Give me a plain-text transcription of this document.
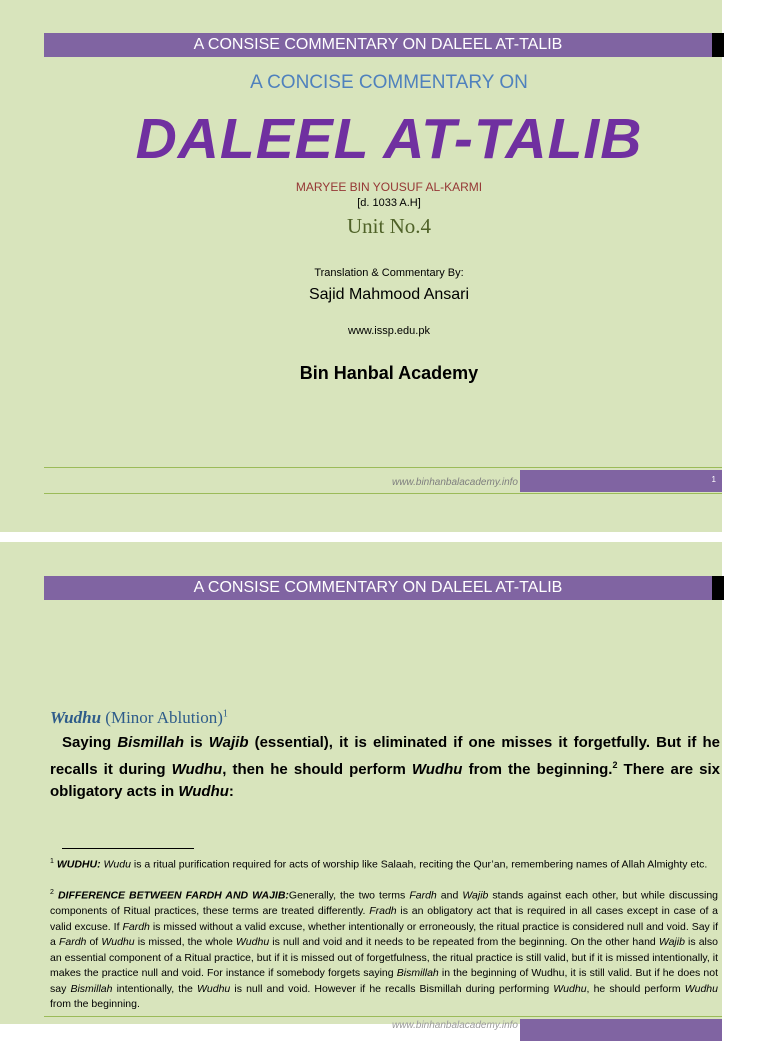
A CONSISE COMMENTARY ON DALEEL AT-TALIB
A CONCISE COMMENTARY ON
DALEEL AT-TALIB
MARYEE BIN YOUSUF AL-KARMI
[d. 1033 A.H]
Unit No.4
Translation & Commentary By:
Sajid Mahmood Ansari
www.issp.edu.pk
Bin Hanbal Academy
www.binhanbalacademy.info	1
A CONSISE COMMENTARY ON DALEEL AT-TALIB
Wudhu (Minor Ablution)$^1$
Saying Bismillah is Wajib (essential), it is eliminated if one misses it forgetfully. But if he recalls it during Wudhu, then he should perform Wudhu from the beginning.$^2$ There are six obligatory acts in Wudhu:
$^1$ WUDHU: Wudu is a ritual purification required for acts of worship like Salaah, reciting the Qur’an, remembering names of Allah Almighty etc.
$^2$ DIFFERENCE BETWEEN FARDH AND WAJIB:Generally, the two terms Fardh and Wajib stands against each other, but while discussing components of Ritual practices, these terms are treated differently. Fradh is an obligatory act that is required in all cases except in case of a valid excuse. If Fardh is missed without a valid excuse, whether intentionally or erroneously, the ritual practice is considered null and void. Say if a Fardh of Wudhu is missed, the whole Wudhu is null and void and it needs to be repeated from the beginning. On the other hand Wajib is also an essential component of a Ritual practice, but if it is missed out of forgetfulness, the ritual practice is still valid, but if it is missed intentionally, it makes the practice null and void. For instance if somebody forgets saying Bismillah in the beginning of Wudhu, it is still valid. But if he does not say Bismillah intentionally, the Wudhu is null and void. However if he recalls Bismillah during performing Wudhu, he should perform Wudhu from the beginning.
www.binhanbalacademy.info
